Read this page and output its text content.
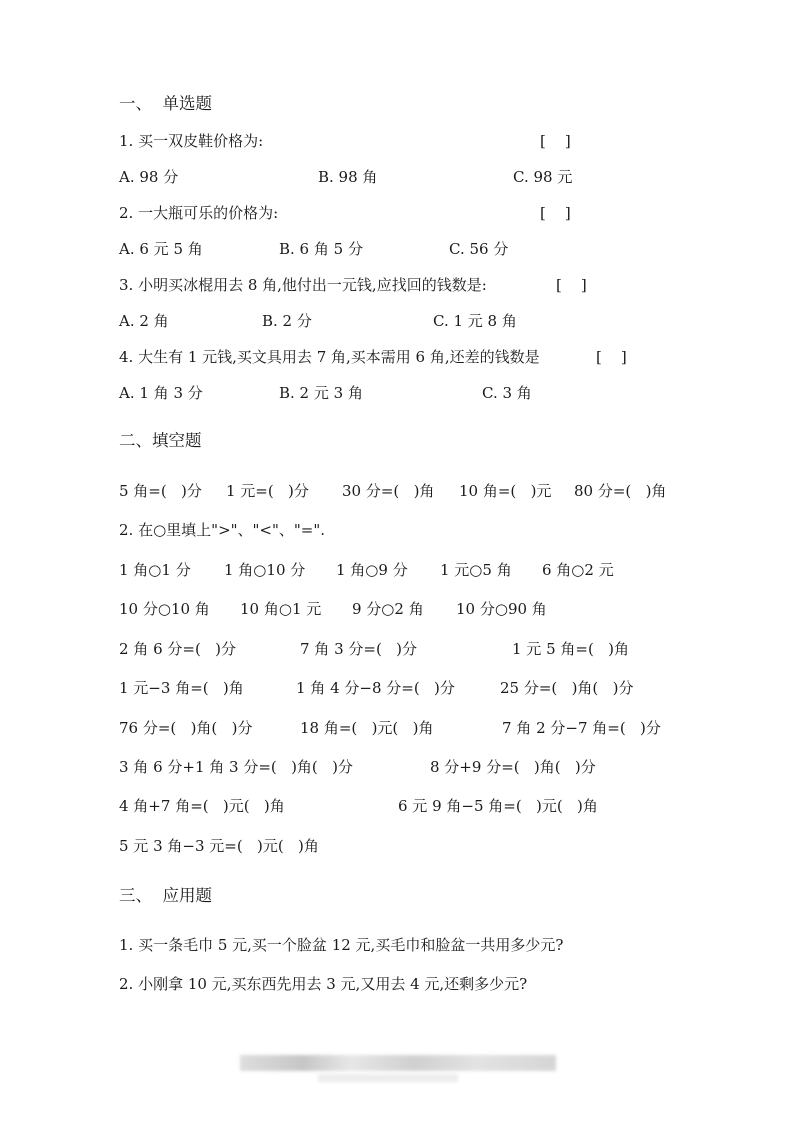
一、  单选题
1. 买一双皮鞋价格为:	[    ]
A. 98 分	B. 98 角	C. 98 元
2. 一大瓶可乐的价格为:	[    ]
A. 6 元 5 角	B. 6 角 5 分	C. 56 分
3. 小明买冰棍用去 8 角,他付出一元钱,应找回的钱数是:	[    ]
A. 2 角	B. 2 分	C. 1 元 8 角
4. 大生有 1 元钱,买文具用去 7 角,买本需用 6 角,还差的钱数是	[    ]
A. 1 角 3 分	B. 2 元 3 角	C. 3 角
二、填空题
5 角=(   )分 1 元=(   )分 30 分=(   )角 10 角=(   )元 80 分=(   )角
2. 在○里填上">"、"<"、"=".
1 角○1 分 1 角○10 分 1 角○9 分 1 元○5 角 6 角○2 元
10 分○10 角 10 角○1 元 9 分○2 角 10 分○90 角
2 角 6 分=(   )分	7 角 3 分=(   )分	1 元 5 角=(   )角
1 元−3 角=(   )角	1 角 4 分−8 分=(   )分	25 分=(   )角(   )分
76 分=(   )角(   )分	18 角=(   )元(   )角	7 角 2 分−7 角=(   )分
3 角 6 分+1 角 3 分=(   )角(   )分	8 分+9 分=(   )角(   )分
4 角+7 角=(   )元(   )角	6 元 9 角−5 角=(   )元(   )角
5 元 3 角−3 元=(   )元(   )角
三、  应用题
1. 买一条毛巾 5 元,买一个脸盆 12 元,买毛巾和脸盆一共用多少元?
2. 小刚拿 10 元,买东西先用去 3 元,又用去 4 元,还剩多少元?
